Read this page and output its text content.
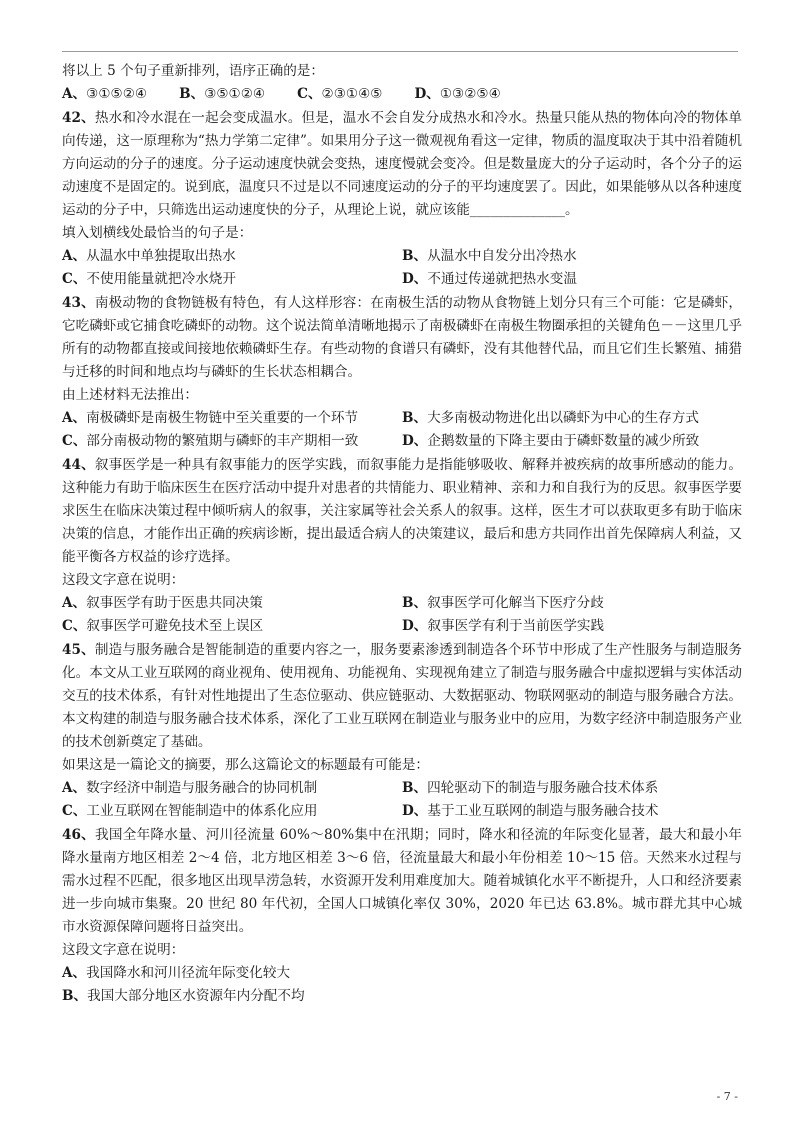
将以上 5 个句子重新排列，语序正确的是：

A、③①⑤②④ B、③⑤①②④ C、②③①④⑤ D、①③②⑤④

42、热水和冷水混在一起会变成温水。但是，温水不会自发分成热水和冷水。热量只能从热的物体向冷的物体单向传递，这一原理称为“热力学第二定律”。如果用分子这一微观视角看这一定律，物质的温度取决于其中沿着随机方向运动的分子的速度。分子运动速度快就会变热，速度慢就会变冷。但是数量庞大的分子运动时，各个分子的运动速度不是固定的。说到底，温度只不过是以不同速度运动的分子的平均速度罢了。因此，如果能够从以各种速度运动的分子中，只筛选出运动速度快的分子，从理论上说，就应该能______________。

填入划横线处最恰当的句子是：

A、从温水中单独提取出热水	B、从温水中自发分出冷热水
C、不使用能量就把冷水烧开	D、不通过传递就把热水变温

43、南极动物的食物链极有特色，有人这样形容：在南极生活的动物从食物链上划分只有三个可能：它是磷虾，它吃磷虾或它捕食吃磷虾的动物。这个说法简单清晰地揭示了南极磷虾在南极生物圈承担的关键角色－－这里几乎所有的动物都直接或间接地依赖磷虾生存。有些动物的食谱只有磷虾，没有其他替代品，而且它们生长繁殖、捕猎与迁移的时间和地点均与磷虾的生长状态相耦合。

由上述材料无法推出：

A、南极磷虾是南极生物链中至关重要的一个环节	B、大多南极动物进化出以磷虾为中心的生存方式
C、部分南极动物的繁殖期与磷虾的丰产期相一致	D、企鹅数量的下降主要由于磷虾数量的减少所致

44、叙事医学是一种具有叙事能力的医学实践，而叙事能力是指能够吸收、解释并被疾病的故事所感动的能力。这种能力有助于临床医生在医疗活动中提升对患者的共情能力、职业精神、亲和力和自我行为的反思。叙事医学要求医生在临床决策过程中倾听病人的叙事，关注家属等社会关系人的叙事。这样，医生才可以获取更多有助于临床决策的信息，才能作出正确的疾病诊断，提出最适合病人的决策建议，最后和患方共同作出首先保障病人利益，又能平衡各方权益的诊疗选择。

这段文字意在说明：

A、叙事医学有助于医患共同决策	B、叙事医学可化解当下医疗分歧
C、叙事医学可避免技术至上误区	D、叙事医学有利于当前医学实践

45、制造与服务融合是智能制造的重要内容之一，服务要素渗透到制造各个环节中形成了生产性服务与制造服务化。本文从工业互联网的商业视角、使用视角、功能视角、实现视角建立了制造与服务融合中虚拟逻辑与实体活动交互的技术体系，有针对性地提出了生态位驱动、供应链驱动、大数据驱动、物联网驱动的制造与服务融合方法。本文构建的制造与服务融合技术体系，深化了工业互联网在制造业与服务业中的应用，为数字经济中制造服务产业的技术创新奠定了基础。

如果这是一篇论文的摘要，那么这篇论文的标题最有可能是：

A、数字经济中制造与服务融合的协同机制	B、四轮驱动下的制造与服务融合技术体系
C、工业互联网在智能制造中的体系化应用	D、基于工业互联网的制造与服务融合技术

46、我国全年降水量、河川径流量 60%～80%集中在汛期；同时，降水和径流的年际变化显著，最大和最小年降水量南方地区相差 2～4 倍，北方地区相差 3～6 倍，径流量最大和最小年份相差 10～15 倍。天然来水过程与需水过程不匹配，很多地区出现旱涝急转，水资源开发利用难度加大。随着城镇化水平不断提升，人口和经济要素进一步向城市集聚。20 世纪 80 年代初，全国人口城镇化率仅 30%，2020 年已达 63.8%。城市群尤其中心城市水资源保障问题将日益突出。

这段文字意在说明：

A、我国降水和河川径流年际变化较大

B、我国大部分地区水资源年内分配不均

- 7 -
